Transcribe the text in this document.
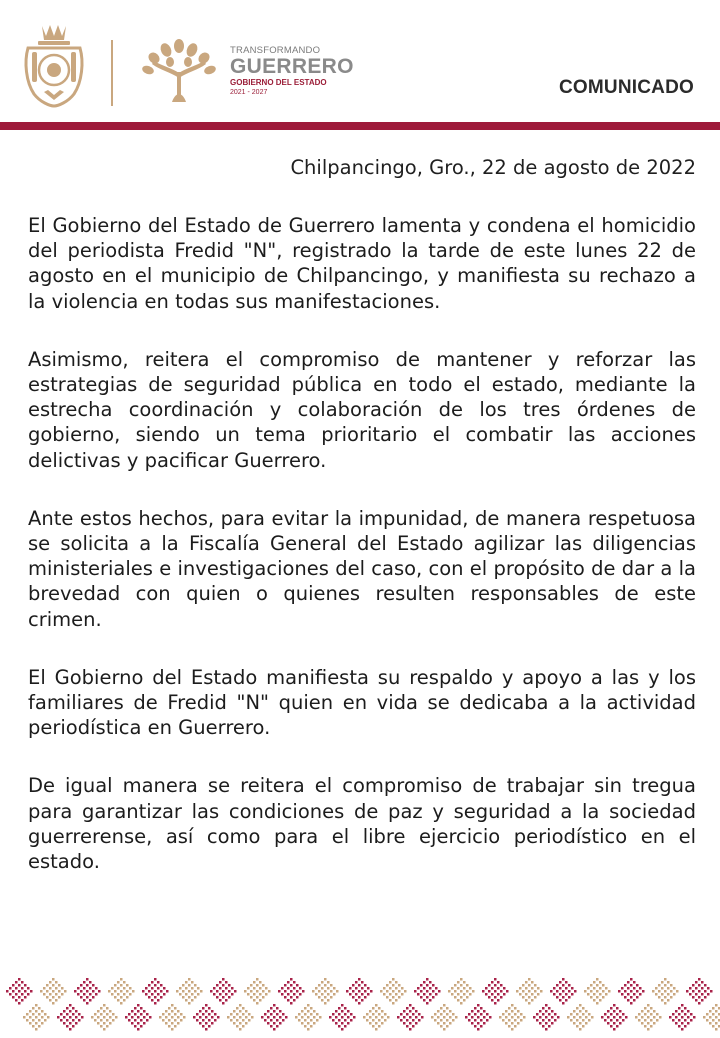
TRANSFORMANDO
GUERRERO
GOBIERNO DEL ESTADO
2021 - 2027	COMUNICADO
Chilpancingo, Gro., 22 de agosto de 2022

El Gobierno del Estado de Guerrero lamenta y condena el homicidio del periodista Fredid "N", registrado la tarde de este lunes 22 de agosto en el municipio de Chilpancingo, y manifiesta su rechazo a la violencia en todas sus manifestaciones.

Asimismo, reitera el compromiso de mantener y reforzar las estrategias de seguridad pública en todo el estado, mediante la estrecha coordinación y colaboración de los tres órdenes de gobierno, siendo un tema prioritario el combatir las acciones delictivas y pacificar Guerrero.

Ante estos hechos, para evitar la impunidad, de manera respetuosa se solicita a la Fiscalía General del Estado agilizar las diligencias ministeriales e investigaciones del caso, con el propósito de dar a la brevedad con quien o quienes resulten responsables de este crimen.

El Gobierno del Estado manifiesta su respaldo y apoyo a las y los familiares de Fredid "N" quien en vida se dedicaba a la actividad periodística en Guerrero.

De igual manera se reitera el compromiso de trabajar sin tregua para garantizar las condiciones de paz y seguridad a la sociedad guerrerense, así como para el libre ejercicio periodístico en el estado.
